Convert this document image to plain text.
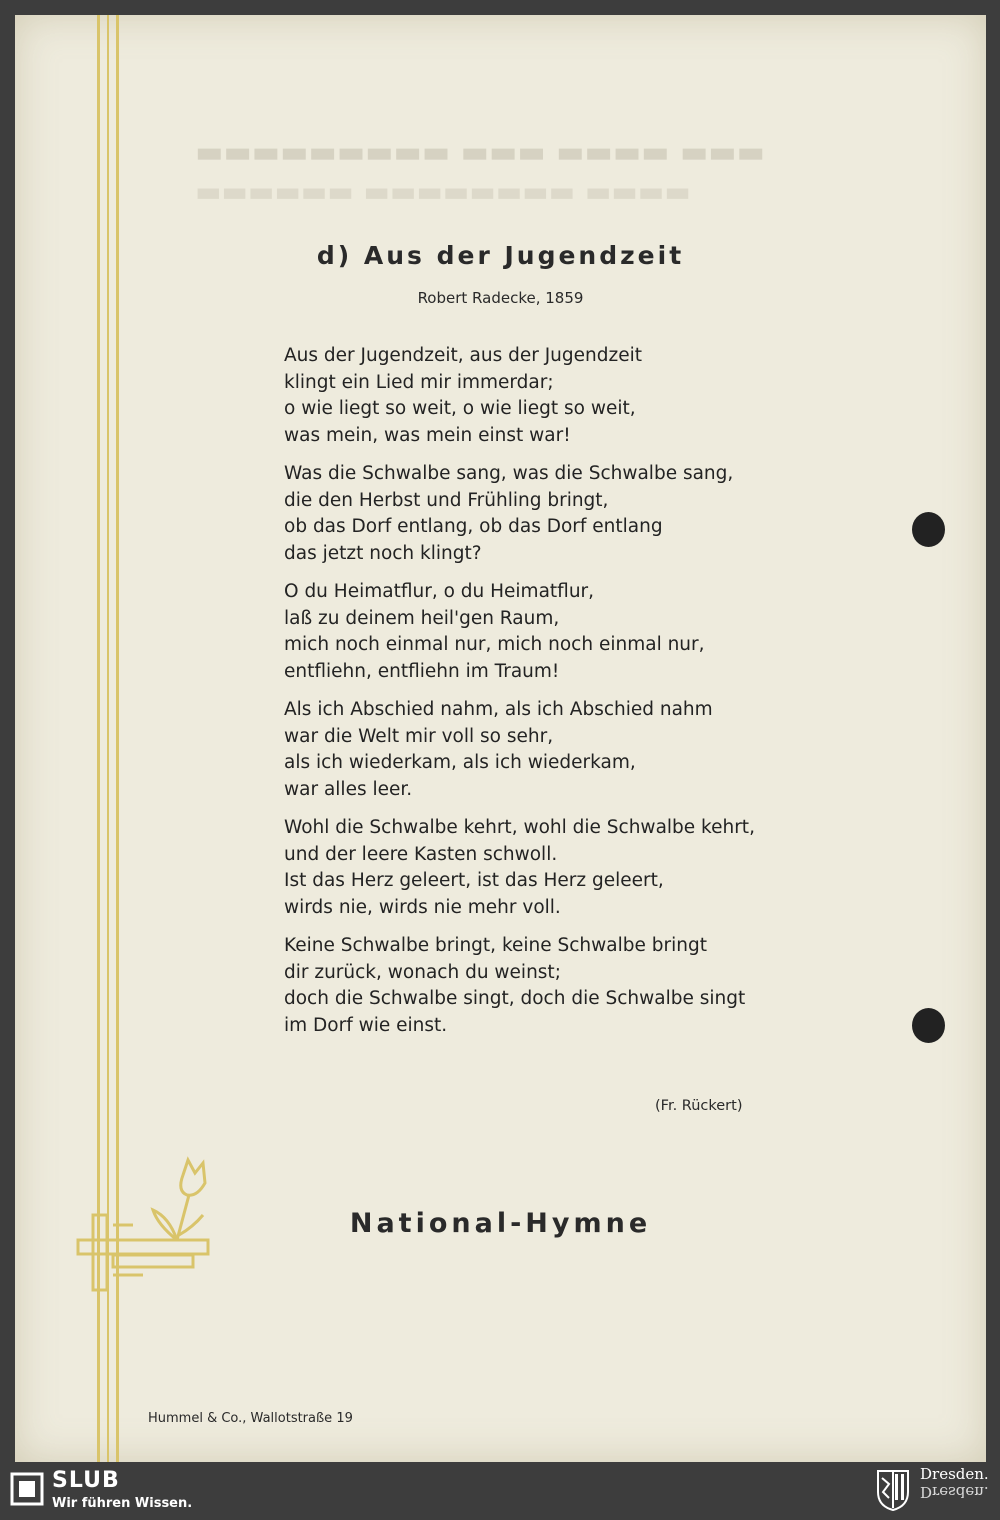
▬▬▬ ▬▬▬▬ ▬▬▬ ▬▬▬▬▬▬▬▬▬
▬▬▬▬ ▬▬▬▬▬▬▬▬ ▬▬▬▬▬▬
d) Aus der Jugendzeit
Robert Radecke, 1859
Aus der Jugendzeit, aus der Jugendzeit
klingt ein Lied mir immerdar;
o wie liegt so weit, o wie liegt so weit,
was mein, was mein einst war!
Was die Schwalbe sang, was die Schwalbe sang,
die den Herbst und Frühling bringt,
ob das Dorf entlang, ob das Dorf entlang
das jetzt noch klingt?
O du Heimatflur, o du Heimatflur,
laß zu deinem heil'gen Raum,
mich noch einmal nur, mich noch einmal nur,
entfliehn, entfliehn im Traum!
Als ich Abschied nahm, als ich Abschied nahm
war die Welt mir voll so sehr,
als ich wiederkam, als ich wiederkam,
war alles leer.
Wohl die Schwalbe kehrt, wohl die Schwalbe kehrt,
und der leere Kasten schwoll.
Ist das Herz geleert, ist das Herz geleert,
wirds nie, wirds nie mehr voll.
Keine Schwalbe bringt, keine Schwalbe bringt
dir zurück, wonach du weinst;
doch die Schwalbe singt, doch die Schwalbe singt
im Dorf wie einst.
(Fr. Rückert)
National-Hymne
Hummel & Co., Wallotstraße 19
SLUB
Wir führen Wissen.
Dresden.
Dresden.
